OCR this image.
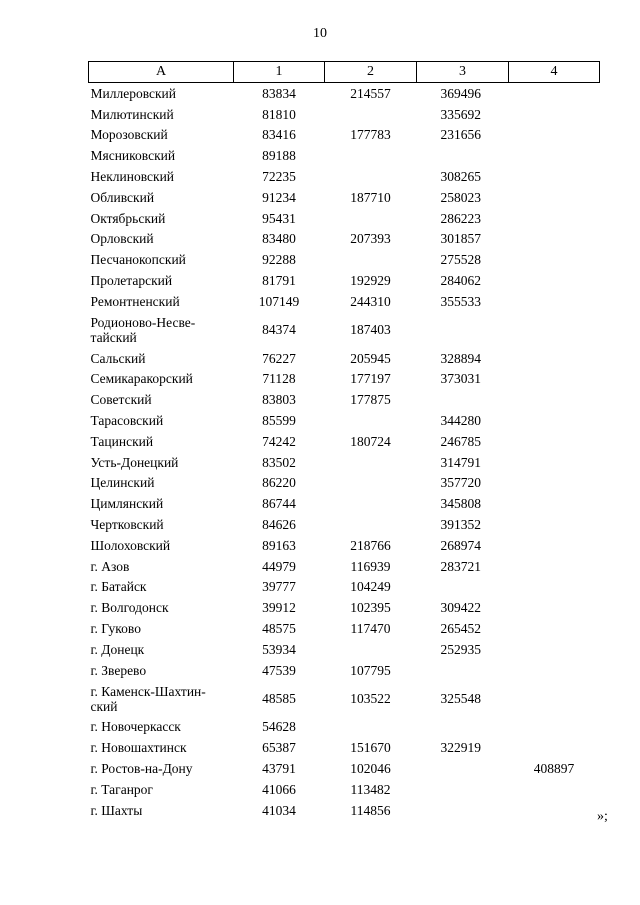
10
А	1	2	3	4
Миллеровский	83834	214557	369496	
Милютинский	81810		335692	
Морозовский	83416	177783	231656	
Мясниковский	89188			
Неклиновский	72235		308265	
Обливский	91234	187710	258023	
Октябрьский	95431		286223	
Орловский	83480	207393	301857	
Песчанокопский	92288		275528	
Пролетарский	81791	192929	284062	
Ремонтненский	107149	244310	355533	
Родионово-Несве-
тайский	84374	187403		
Сальский	76227	205945	328894	
Семикаракорский	71128	177197	373031	
Советский	83803	177875		
Тарасовский	85599		344280	
Тацинский	74242	180724	246785	
Усть-Донецкий	83502		314791	
Целинский	86220		357720	
Цимлянский	86744		345808	
Чертковский	84626		391352	
Шолоховский	89163	218766	268974	
г. Азов	44979	116939	283721	
г. Батайск	39777	104249		
г. Волгодонск	39912	102395	309422	
г. Гуково	48575	117470	265452	
г. Донецк	53934		252935	
г. Зверево	47539	107795		
г. Каменск-Шахтин-
ский	48585	103522	325548	
г. Новочеркасск	54628			
г. Новошахтинск	65387	151670	322919	
г. Ростов-на-Дону	43791	102046		408897
г. Таганрог	41066	113482		
г. Шахты	41034	114856			»;
